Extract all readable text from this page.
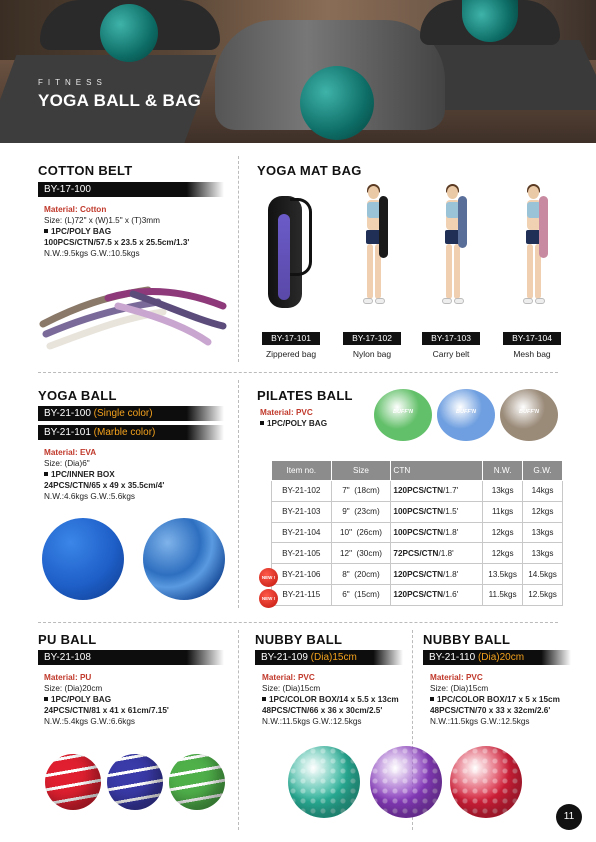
FITNESS
YOGA BALL & BAG
COTTON BELT
BY-17-100
Material: Cotton
Size: (L)72" x (W)1.5" x (T)3mm
1PC/POLY BAG
100PCS/CTN/57.5 x 23.5 x 25.5cm/1.3'
N.W.:9.5kgs G.W.:10.5kgs
YOGA MAT BAG
BY-17-101
Zippered bag
BY-17-102
Nylon bag
BY-17-103
Carry belt
BY-17-104
Mesh bag
YOGA BALL
BY-21-100 (Single color)
BY-21-101 (Marble color)
Material: EVA
Size: (Dia)6"
1PC/INNER BOX
24PCS/CTN/65 x 49 x 35.5cm/4'
N.W.:4.6kgs G.W.:5.6kgs
PILATES BALL
Material: PVC
1PC/POLY BAG
BUFF'N	BUFF'N	BUFF'N
Item no.	Size	CTN	N.W.	G.W.
BY-21-102	7"  (18cm)	120PCS/CTN/1.7'	13kgs	14kgs
BY-21-103	9"  (23cm)	100PCS/CTN/1.5'	11kgs	12kgs
BY-21-104	10"  (26cm)	100PCS/CTN/1.8'	12kgs	13kgs
BY-21-105	12"  (30cm)	72PCS/CTN/1.8'	12kgs	13kgs
BY-21-106	8"  (20cm)	120PCS/CTN/1.8'	13.5kgs	14.5kgs
BY-21-115	6"  (15cm)	120PCS/CTN/1.6'	11.5kgs	12.5kgs
NEW !
NEW !
PU BALL
BY-21-108
Material: PU
Size: (Dia)20cm
1PC/POLY BAG
24PCS/CTN/81 x 41 x 61cm/7.15'
N.W.:5.4kgs G.W.:6.6kgs
NUBBY BALL
BY-21-109 (Dia)15cm
Material: PVC
Size: (Dia)15cm
1PC/COLOR BOX/14 x 5.5 x 13cm
48PCS/CTN/66 x 36 x 30cm/2.5'
N.W.:11.5kgs G.W.:12.5kgs
NUBBY BALL
BY-21-110 (Dia)20cm
Material: PVC
Size: (Dia)15cm
1PC/COLOR BOX/17 x 5 x 15cm
48PCS/CTN/70 x 33 x 32cm/2.6'
N.W.:11.5kgs G.W.:12.5kgs
11
